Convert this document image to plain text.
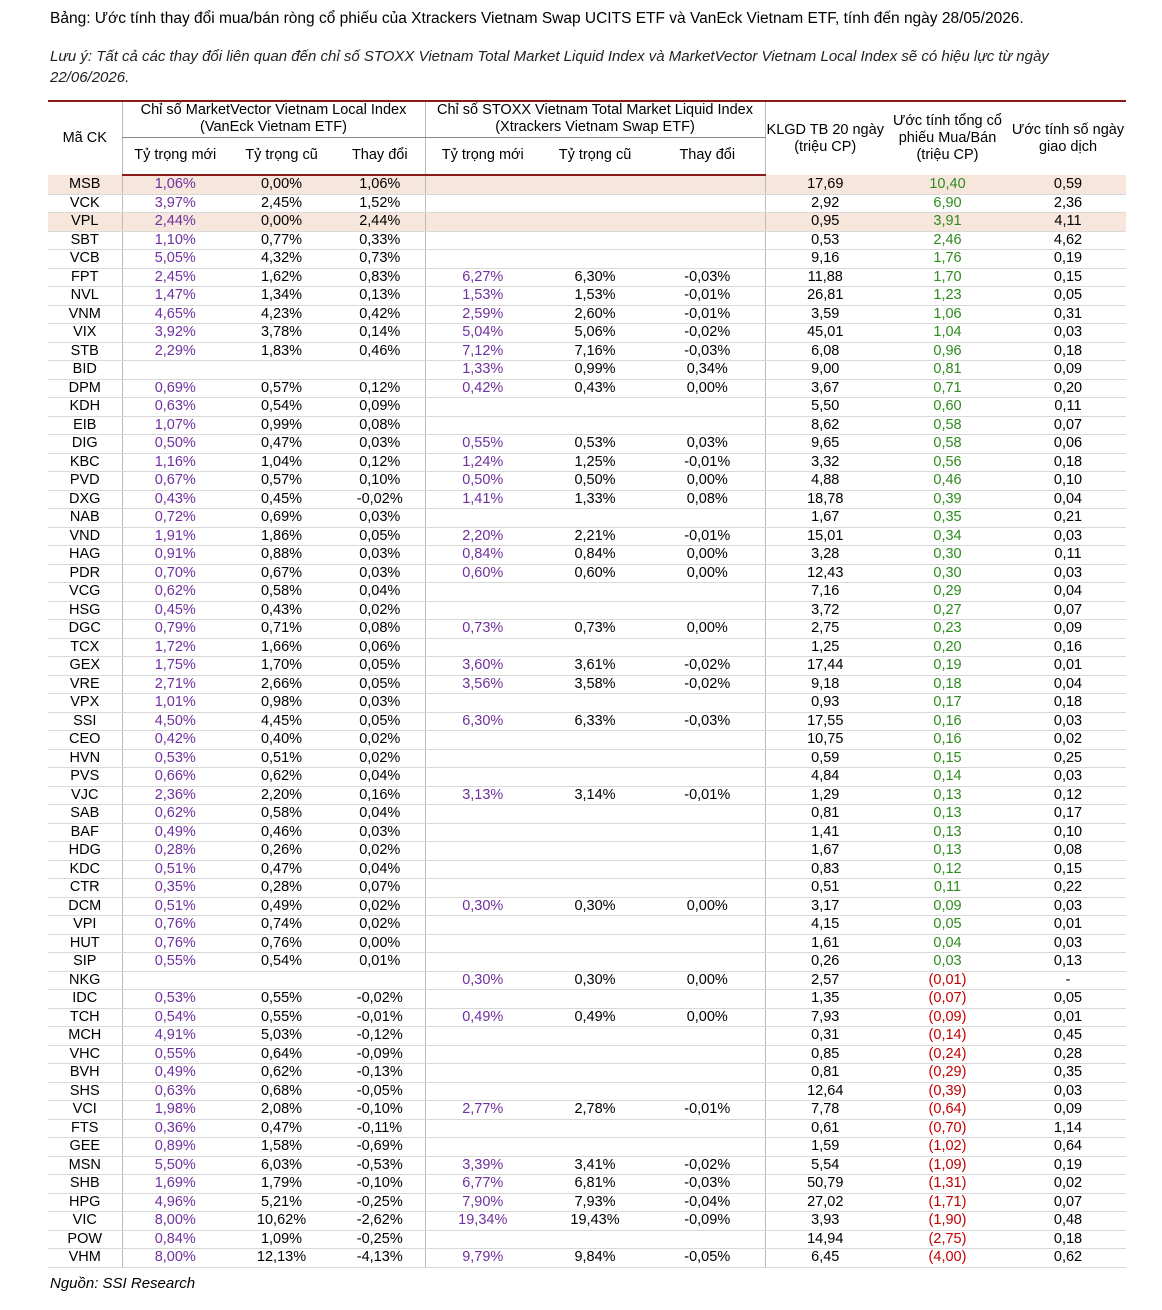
Bảng: Ước tính thay đổi mua/bán ròng cổ phiếu của Xtrackers Vietnam Swap UCITS ETF và VanEck Vietnam ETF, tính đến ngày 28/05/2026.
Lưu ý: Tất cả các thay đổi liên quan đến chỉ số STOXX Vietnam Total Market Liquid Index và MarketVector Vietnam Local Index sẽ có hiệu lực từ ngày 22/06/2026.
Mã CK	Chỉ số MarketVector Vietnam Local Index (VanEck Vietnam ETF)			Chỉ số STOXX Vietnam Total Market Liquid Index (Xtrackers Vietnam Swap ETF)			KLGD TB 20 ngày (triệu CP)	Ước tính tổng cổ phiếu Mua/Bán (triệu CP)	Ước tính số ngày giao dịch
	Tỷ trọng mới	Tỷ trọng cũ	Thay đổi	Tỷ trọng mới	Tỷ trọng cũ	Thay đổi			
MSB	1,06%	0,00%	1,06%				17,69	10,40	0,59
VCK	3,97%	2,45%	1,52%				2,92	6,90	2,36
VPL	2,44%	0,00%	2,44%				0,95	3,91	4,11
SBT	1,10%	0,77%	0,33%				0,53	2,46	4,62
VCB	5,05%	4,32%	0,73%				9,16	1,76	0,19
FPT	2,45%	1,62%	0,83%	6,27%	6,30%	-0,03%	11,88	1,70	0,15
NVL	1,47%	1,34%	0,13%	1,53%	1,53%	-0,01%	26,81	1,23	0,05
VNM	4,65%	4,23%	0,42%	2,59%	2,60%	-0,01%	3,59	1,06	0,31
VIX	3,92%	3,78%	0,14%	5,04%	5,06%	-0,02%	45,01	1,04	0,03
STB	2,29%	1,83%	0,46%	7,12%	7,16%	-0,03%	6,08	0,96	0,18
BID				1,33%	0,99%	0,34%	9,00	0,81	0,09
DPM	0,69%	0,57%	0,12%	0,42%	0,43%	0,00%	3,67	0,71	0,20
KDH	0,63%	0,54%	0,09%				5,50	0,60	0,11
EIB	1,07%	0,99%	0,08%				8,62	0,58	0,07
DIG	0,50%	0,47%	0,03%	0,55%	0,53%	0,03%	9,65	0,58	0,06
KBC	1,16%	1,04%	0,12%	1,24%	1,25%	-0,01%	3,32	0,56	0,18
PVD	0,67%	0,57%	0,10%	0,50%	0,50%	0,00%	4,88	0,46	0,10
DXG	0,43%	0,45%	-0,02%	1,41%	1,33%	0,08%	18,78	0,39	0,04
NAB	0,72%	0,69%	0,03%				1,67	0,35	0,21
VND	1,91%	1,86%	0,05%	2,20%	2,21%	-0,01%	15,01	0,34	0,03
HAG	0,91%	0,88%	0,03%	0,84%	0,84%	0,00%	3,28	0,30	0,11
PDR	0,70%	0,67%	0,03%	0,60%	0,60%	0,00%	12,43	0,30	0,03
VCG	0,62%	0,58%	0,04%				7,16	0,29	0,04
HSG	0,45%	0,43%	0,02%				3,72	0,27	0,07
DGC	0,79%	0,71%	0,08%	0,73%	0,73%	0,00%	2,75	0,23	0,09
TCX	1,72%	1,66%	0,06%				1,25	0,20	0,16
GEX	1,75%	1,70%	0,05%	3,60%	3,61%	-0,02%	17,44	0,19	0,01
VRE	2,71%	2,66%	0,05%	3,56%	3,58%	-0,02%	9,18	0,18	0,04
VPX	1,01%	0,98%	0,03%				0,93	0,17	0,18
SSI	4,50%	4,45%	0,05%	6,30%	6,33%	-0,03%	17,55	0,16	0,03
CEO	0,42%	0,40%	0,02%				10,75	0,16	0,02
HVN	0,53%	0,51%	0,02%				0,59	0,15	0,25
PVS	0,66%	0,62%	0,04%				4,84	0,14	0,03
VJC	2,36%	2,20%	0,16%	3,13%	3,14%	-0,01%	1,29	0,13	0,12
SAB	0,62%	0,58%	0,04%				0,81	0,13	0,17
BAF	0,49%	0,46%	0,03%				1,41	0,13	0,10
HDG	0,28%	0,26%	0,02%				1,67	0,13	0,08
KDC	0,51%	0,47%	0,04%				0,83	0,12	0,15
CTR	0,35%	0,28%	0,07%				0,51	0,11	0,22
DCM	0,51%	0,49%	0,02%	0,30%	0,30%	0,00%	3,17	0,09	0,03
VPI	0,76%	0,74%	0,02%				4,15	0,05	0,01
HUT	0,76%	0,76%	0,00%				1,61	0,04	0,03
SIP	0,55%	0,54%	0,01%				0,26	0,03	0,13
NKG				0,30%	0,30%	0,00%	2,57	(0,01)	-
IDC	0,53%	0,55%	-0,02%				1,35	(0,07)	0,05
TCH	0,54%	0,55%	-0,01%	0,49%	0,49%	0,00%	7,93	(0,09)	0,01
MCH	4,91%	5,03%	-0,12%				0,31	(0,14)	0,45
VHC	0,55%	0,64%	-0,09%				0,85	(0,24)	0,28
BVH	0,49%	0,62%	-0,13%				0,81	(0,29)	0,35
SHS	0,63%	0,68%	-0,05%				12,64	(0,39)	0,03
VCI	1,98%	2,08%	-0,10%	2,77%	2,78%	-0,01%	7,78	(0,64)	0,09
FTS	0,36%	0,47%	-0,11%				0,61	(0,70)	1,14
GEE	0,89%	1,58%	-0,69%				1,59	(1,02)	0,64
MSN	5,50%	6,03%	-0,53%	3,39%	3,41%	-0,02%	5,54	(1,09)	0,19
SHB	1,69%	1,79%	-0,10%	6,77%	6,81%	-0,03%	50,79	(1,31)	0,02
HPG	4,96%	5,21%	-0,25%	7,90%	7,93%	-0,04%	27,02	(1,71)	0,07
VIC	8,00%	10,62%	-2,62%	19,34%	19,43%	-0,09%	3,93	(1,90)	0,48
POW	0,84%	1,09%	-0,25%				14,94	(2,75)	0,18
VHM	8,00%	12,13%	-4,13%	9,79%	9,84%	-0,05%	6,45	(4,00)	0,62
Nguồn: SSI Research
